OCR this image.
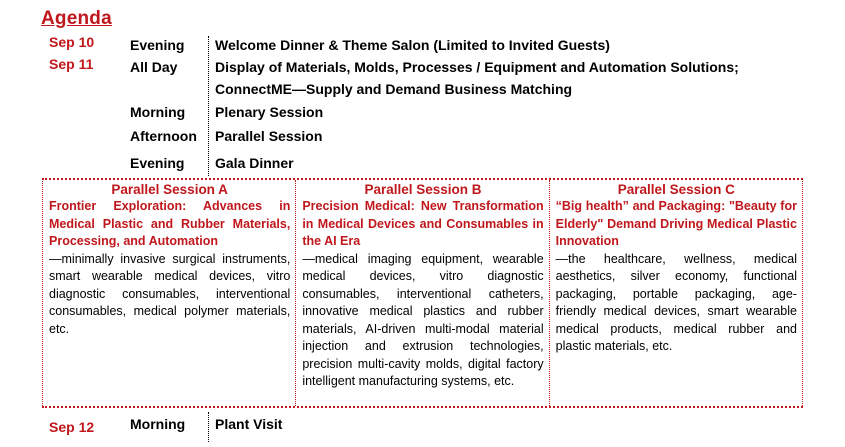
Agenda
Sep 10	Evening Welcome Dinner & Theme Salon (Limited to Invited Guests)
Sep 11	All Day	Display of Materials, Molds, Processes / Equipment and Automation Solutions;
ConnectME—Supply and Demand Business Matching
Morning Plenary Session
Afternoon Parallel Session
Evening Gala Dinner
Parallel Session A
Frontier Exploration: Advances in Medical Plastic and Rubber Materials, Processing, and Automation
—minimally invasive surgical instruments, smart wearable medical devices, vitro diagnostic consumables, interventional consumables, medical polymer materials, etc.
Parallel Session B
Precision Medical: New Transformation in Medical Devices and Consumables in the AI Era
—medical imaging equipment, wearable medical devices, vitro diagnostic consumables, interventional catheters, innovative medical plastics and rubber materials, AI-driven multi-modal material injection and extrusion technologies, precision multi-cavity molds, digital factory intelligent manufacturing systems, etc.
Parallel Session C
“Big health” and Packaging: "Beauty for Elderly" Demand Driving Medical Plastic Innovation
—the healthcare, wellness, medical aesthetics, silver economy, functional packaging, portable packaging, age-friendly medical devices, smart wearable medical products, medical rubber and plastic materials, etc.
Sep 12	Morning Plant Visit
